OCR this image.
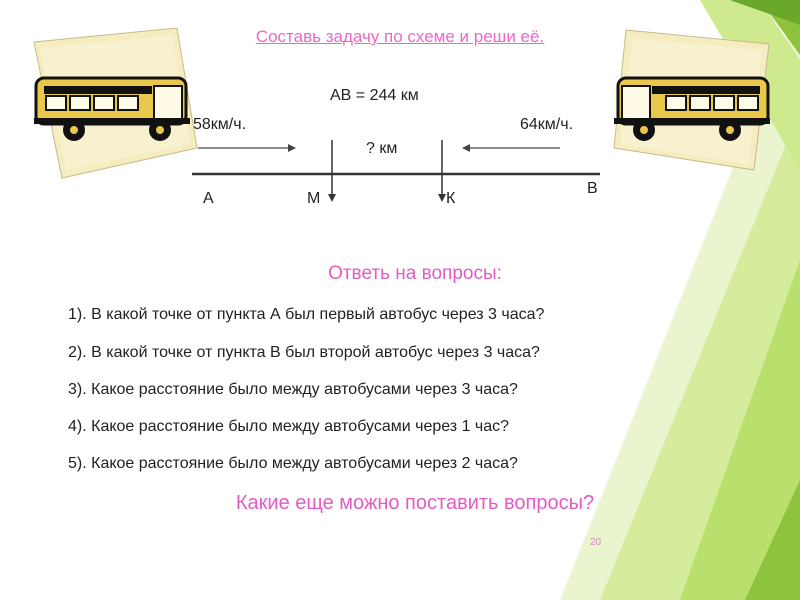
Составь задачу по схеме и реши её.
АВ = 244 км
58км/ч.	64км/ч.
? км
А	М	К
В
Ответь на вопросы:
1). В какой точке от пункта А был первый автобус через 3 часа?
2). В какой точке от пункта В был второй автобус через 3 часа?
3). Какое расстояние было между автобусами через 3 часа?
4). Какое расстояние было между автобусами через 1 час?
5). Какое расстояние было между автобусами через 2 часа?
Какие еще можно поставить вопросы?
20
